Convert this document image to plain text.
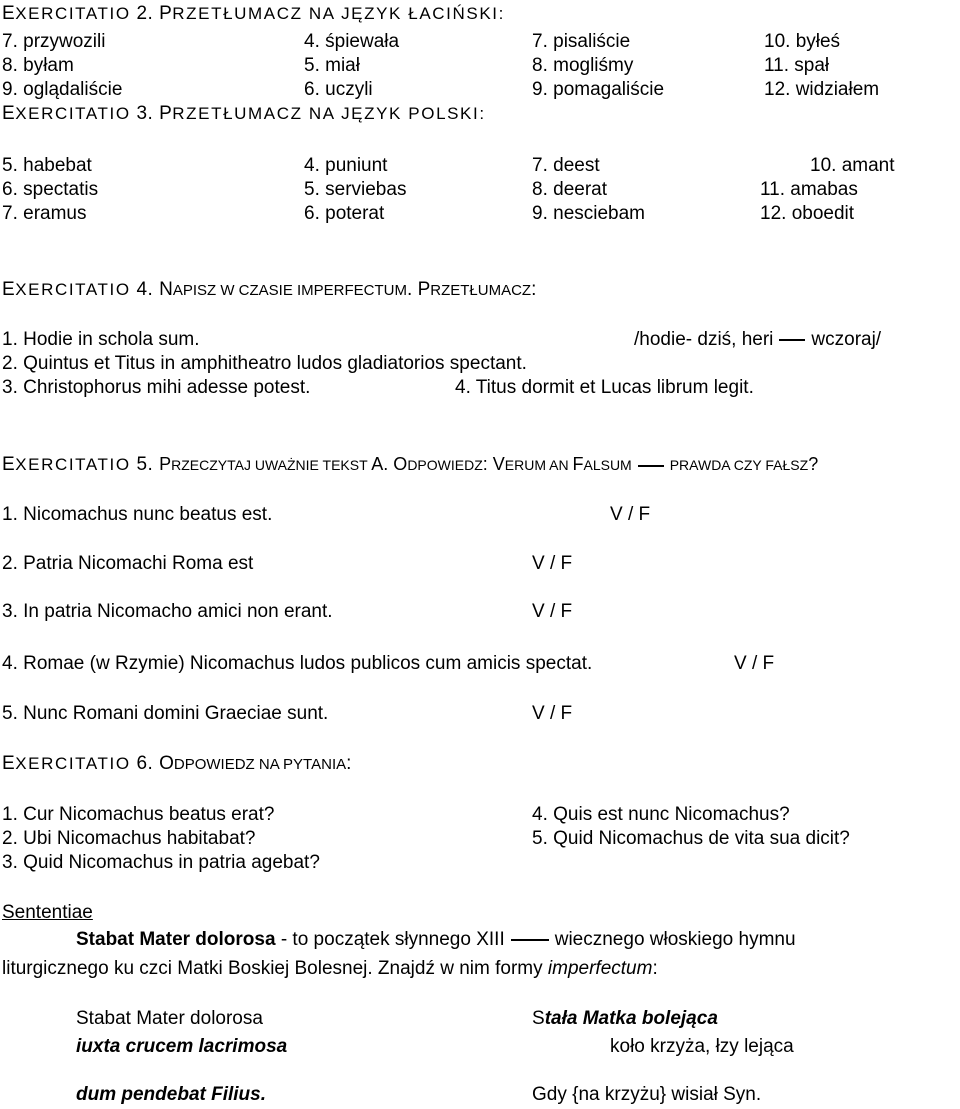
EXERCITATIO 2. PRZETŁUMACZ NA JĘZYK ŁACIŃSKI:
7. przywozili	4. śpiewała	7. pisaliście	10. byłeś
8. byłam	5. miał	8. mogliśmy	11. spał
9. oglądaliście	6. uczyli	9. pomagaliście	12. widziałem
EXERCITATIO 3. PRZETŁUMACZ NA JĘZYK POLSKI:
5. habebat	4. puniunt	7. deest	10. amant
6. spectatis	5. serviebas	8. deerat	11. amabas
7. eramus	6. poterat	9. nesciebam	12. oboedit
EXERCITATIO 4. NAPISZ W CZASIE IMPERFECTUM. PRZETŁUMACZ:
1. Hodie in schola sum.	/hodie- dziś, heri wczoraj/
2. Quintus et Titus in amphitheatro ludos gladiatorios spectant.
3. Christophorus mihi adesse potest.	4. Titus dormit et Lucas librum legit.
EXERCITATIO 5. PRZECZYTAJ UWAŻNIE TEKST A. ODPOWIEDZ: VERUM AN FALSUM	PRAWDA CZY FAŁSZ?
1. Nicomachus nunc beatus est.	V / F
2. Patria Nicomachi Roma est	V / F
3. In patria Nicomacho amici non erant.	V / F
4. Romae (w Rzymie) Nicomachus ludos publicos cum amicis spectat.	V / F
5. Nunc Romani domini Graeciae sunt.	V / F
EXERCITATIO 6. ODPOWIEDZ NA PYTANIA:
1. Cur Nicomachus beatus erat?	4. Quis est nunc Nicomachus?
2. Ubi Nicomachus habitabat?	5. Quid Nicomachus de vita sua dicit?
3. Quid Nicomachus in patria agebat?
Sententiae
Stabat Mater dolorosa - to początek słynnego XIII	wiecznego włoskiego hymnu
liturgicznego ku czci Matki Boskiej Bolesnej. Znajdź w nim formy imperfectum:
Stabat Mater dolorosa	Stała Matka bolejąca
iuxta crucem lacrimosa	koło krzyża, łzy lejąca
dum pendebat Filius.	Gdy {na krzyżu} wisiał Syn.
